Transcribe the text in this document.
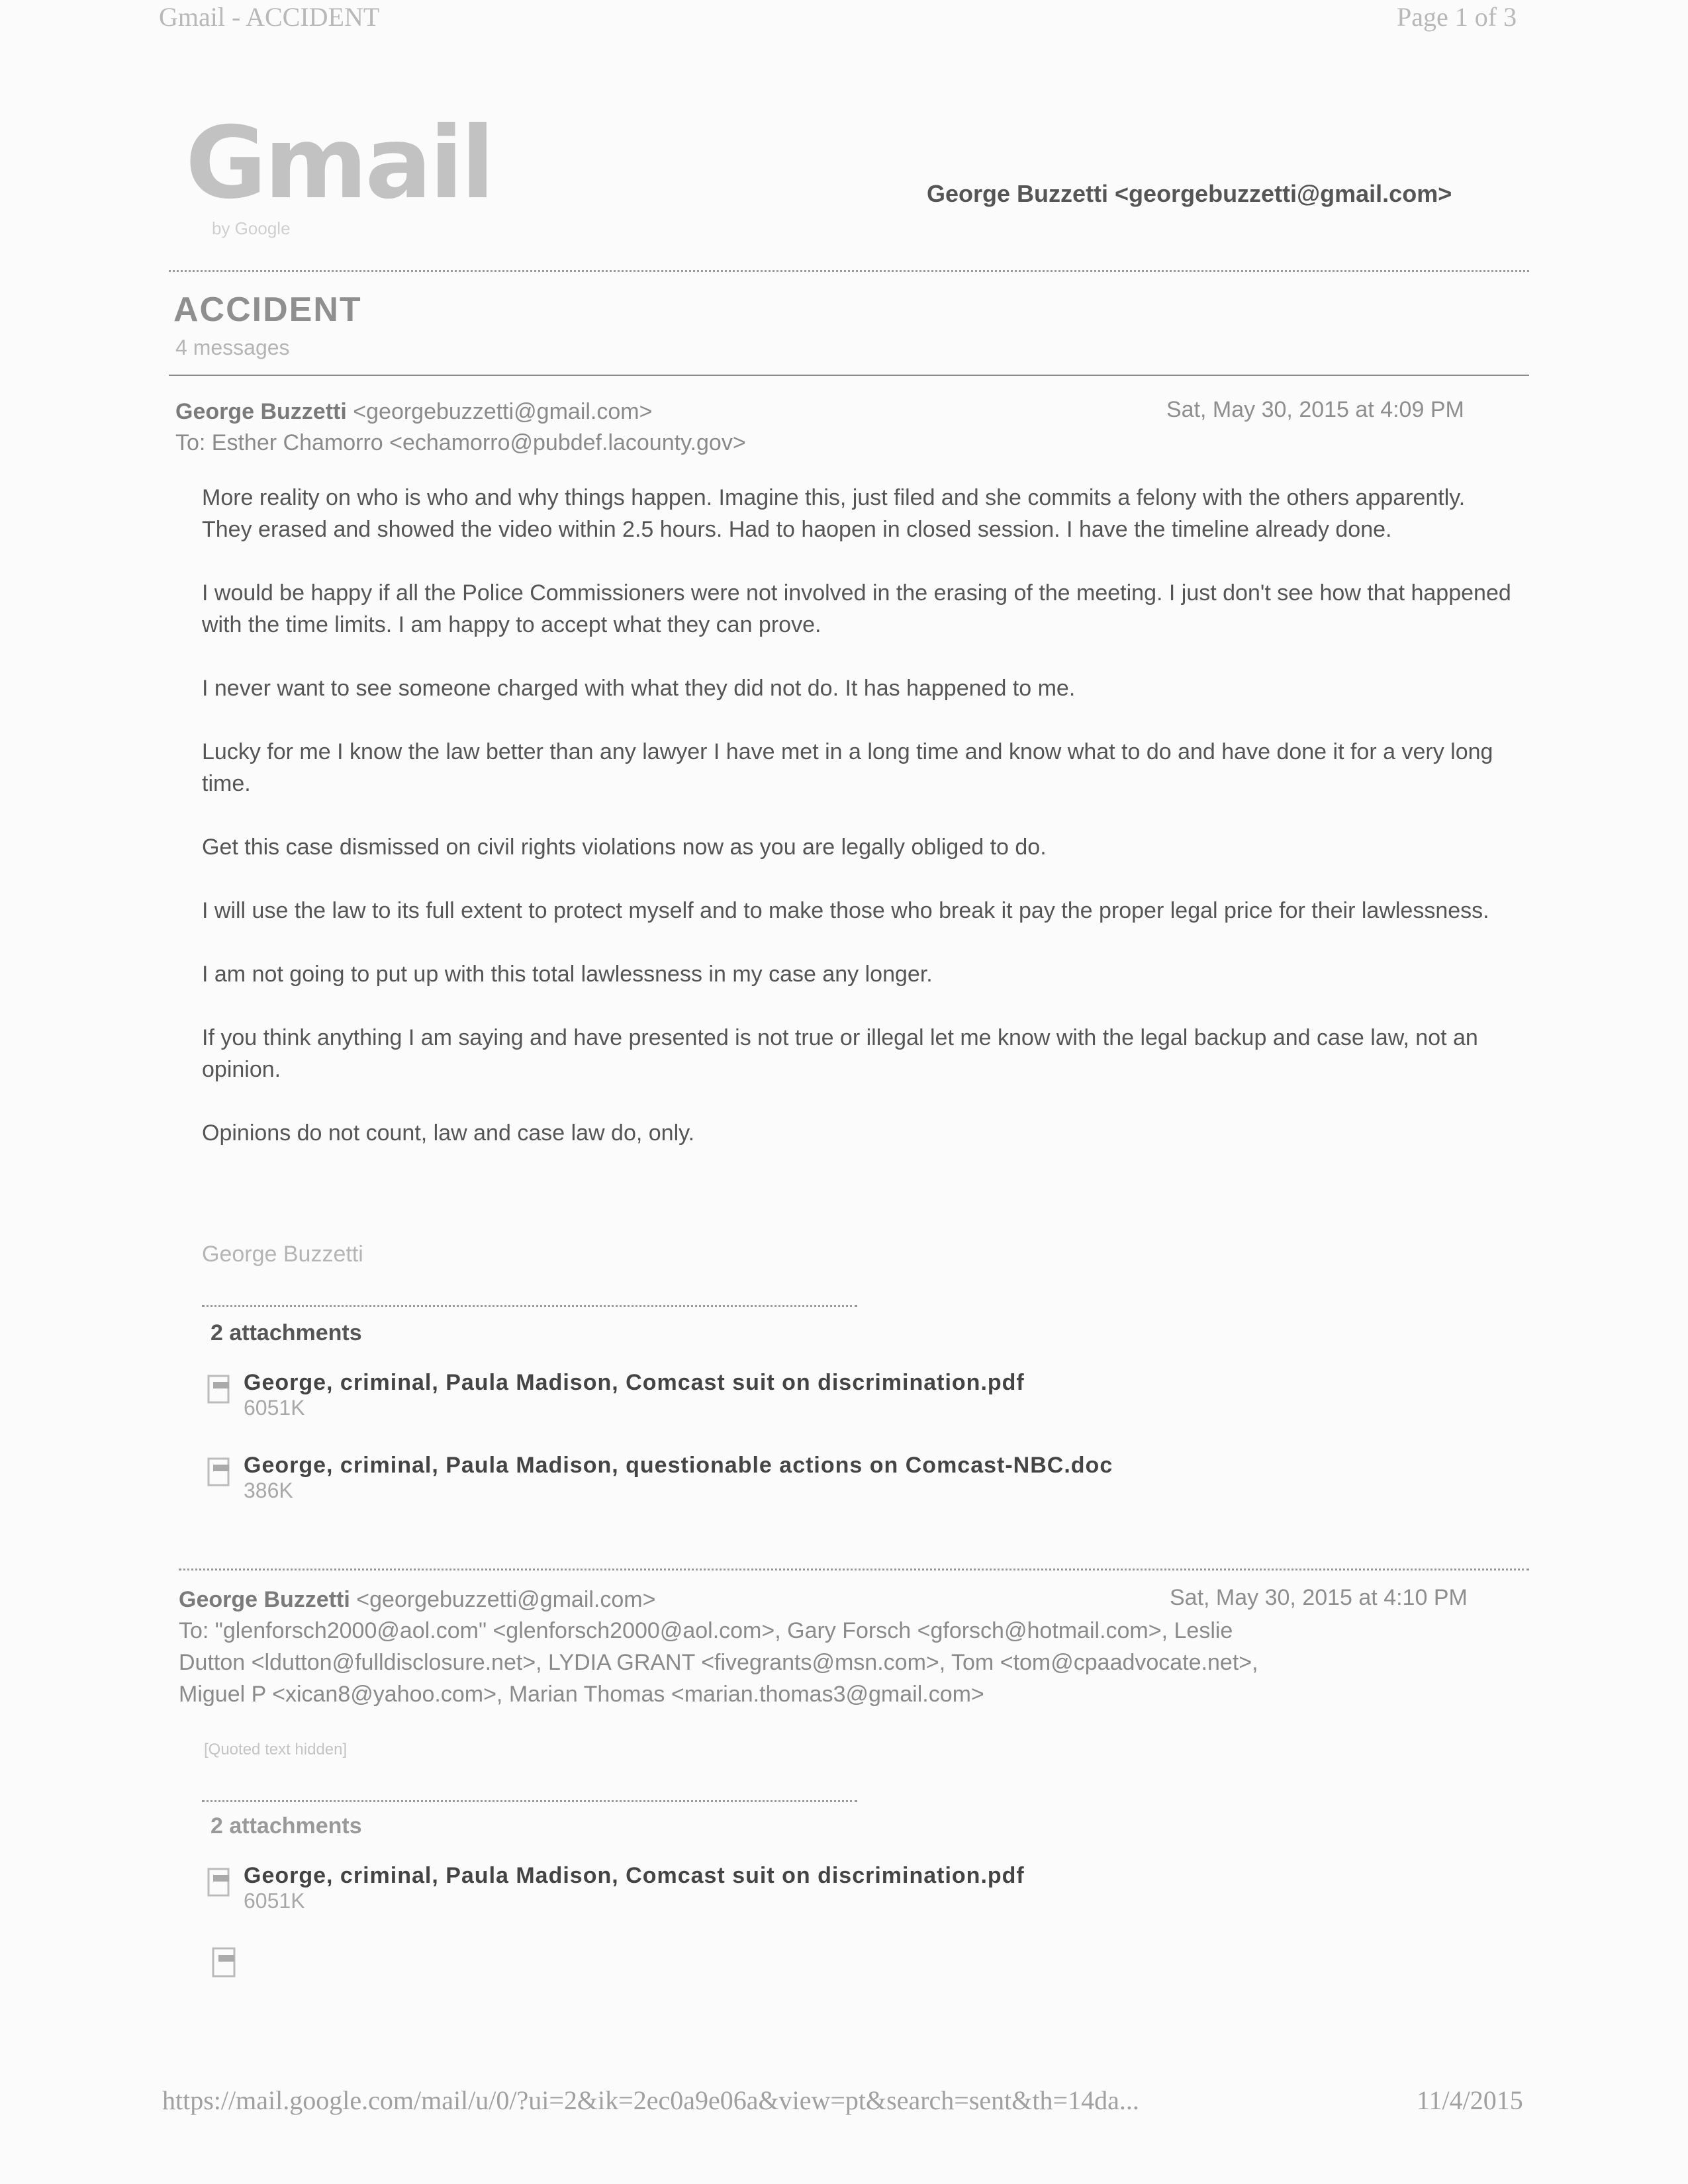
Gmail - ACCIDENT	Page 1 of 3
Gmail
by Google
George Buzzetti <georgebuzzetti@gmail.com>
ACCIDENT
4 messages
George Buzzetti <georgebuzzetti@gmail.com>	Sat, May 30, 2015 at 4:09 PM
To: Esther Chamorro <echamorro@pubdef.lacounty.gov>

More reality on who is who and why things happen. Imagine this, just filed and she commits a felony with the others apparently. They erased and showed the video within 2.5 hours. Had to haopen in closed session. I have the timeline already done.

I would be happy if all the Police Commissioners were not involved in the erasing of the meeting. I just don't see how that happened with the time limits. I am happy to accept what they can prove.

I never want to see someone charged with what they did not do. It has happened to me.

Lucky for me I know the law better than any lawyer I have met in a long time and know what to do and have done it for a very long time.

Get this case dismissed on civil rights violations now as you are legally obliged to do.

I will use the law to its full extent to protect myself and to make those who break it pay the proper legal price for their lawlessness.

I am not going to put up with this total lawlessness in my case any longer.

If you think anything I am saying and have presented is not true or illegal let me know with the legal backup and case law, not an opinion.

Opinions do not count, law and case law do, only.

George Buzzetti
2 attachments
George, criminal, Paula Madison, Comcast suit on discrimination.pdf
6051K
George, criminal, Paula Madison, questionable actions on Comcast-NBC.doc
386K
George Buzzetti <georgebuzzetti@gmail.com>	Sat, May 30, 2015 at 4:10 PM
To: "glenforsch2000@aol.com" <glenforsch2000@aol.com>, Gary Forsch <gforsch@hotmail.com>, Leslie
Dutton <ldutton@fulldisclosure.net>, LYDIA GRANT <fivegrants@msn.com>, Tom <tom@cpaadvocate.net>,
Miguel P <xican8@yahoo.com>, Marian Thomas <marian.thomas3@gmail.com>
[Quoted text hidden]
2 attachments
George, criminal, Paula Madison, Comcast suit on discrimination.pdf
6051K
https://mail.google.com/mail/u/0/?ui=2&ik=2ec0a9e06a&view=pt&search=sent&th=14da...	11/4/2015
